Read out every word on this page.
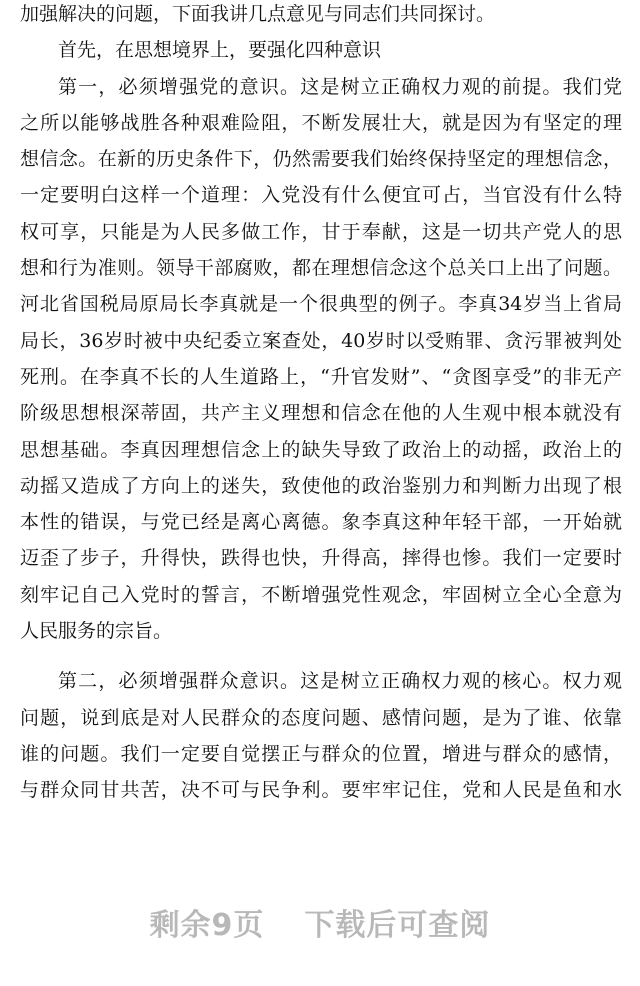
加强解决的问题，下面我讲几点意见与同志们共同探讨。
首先，在思想境界上，要强化四种意识
第一，必须增强党的意识。这是树立正确权力观的前提。我们党
之所以能够战胜各种艰难险阻，不断发展壮大，就是因为有坚定的理
想信念。在新的历史条件下，仍然需要我们始终保持坚定的理想信念，
一定要明白这样一个道理：入党没有什么便宜可占，当官没有什么特
权可享，只能是为人民多做工作，甘于奉献，这是一切共产党人的思
想和行为准则。领导干部腐败，都在理想信念这个总关口上出了问题。
河北省国税局原局长李真就是一个很典型的例子。李真34岁当上省局
局长，36岁时被中央纪委立案查处，40岁时以受贿罪、贪污罪被判处
死刑。在李真不长的人生道路上，“升官发财”、“贪图享受”的非无产
阶级思想根深蒂固，共产主义理想和信念在他的人生观中根本就没有
思想基础。李真因理想信念上的缺失导致了政治上的动摇，政治上的
动摇又造成了方向上的迷失，致使他的政治鉴别力和判断力出现了根
本性的错误，与党已经是离心离德。象李真这种年轻干部，一开始就
迈歪了步子，升得快，跌得也快，升得高，摔得也惨。我们一定要时
刻牢记自己入党时的誓言，不断增强党性观念，牢固树立全心全意为
人民服务的宗旨。
第二，必须增强群众意识。这是树立正确权力观的核心。权力观
问题，说到底是对人民群众的态度问题、感情问题，是为了谁、依靠
谁的问题。我们一定要自觉摆正与群众的位置，增进与群众的感情，
与群众同甘共苦，决不可与民争利。要牢牢记住，党和人民是鱼和水
剩余9页 下载后可查阅
